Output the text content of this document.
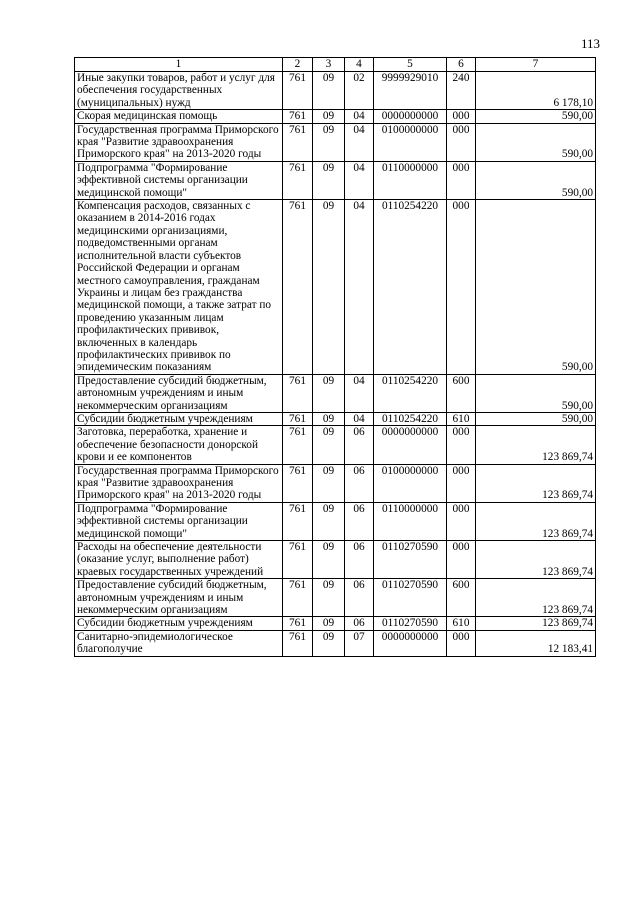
113
1	2	3	4	5	6	7
Иные закупки товаров, работ и услуг для обеспечения государственных (муниципальных) нужд	761	09	02	9999929010	240	6 178,10
Скорая медицинская помощь	761	09	04	0000000000	000	590,00
Государственная программа Приморского края "Развитие здравоохранения Приморского края" на 2013-2020 годы	761	09	04	0100000000	000	590,00
Подпрограмма "Формирование эффективной системы организации медицинской помощи"	761	09	04	0110000000	000	590,00
Компенсация расходов, связанных с оказанием в 2014-2016 годах медицинскими организациями, подведомственными органам исполнительной власти субъектов Российской Федерации и органам местного самоуправления, гражданам Украины и лицам без гражданства медицинской помощи, а также затрат по проведению указанным лицам профилактических прививок, включенных в календарь профилактических прививок по эпидемическим показаниям	761	09	04	0110254220	000	590,00
Предоставление субсидий бюджетным, автономным учреждениям и иным некоммерческим организациям	761	09	04	0110254220	600	590,00
Субсидии бюджетным учреждениям	761	09	04	0110254220	610	590,00
Заготовка, переработка, хранение и обеспечение безопасности донорской крови и ее компонентов	761	09	06	0000000000	000	123 869,74
Государственная программа Приморского края "Развитие здравоохранения Приморского края" на 2013-2020 годы	761	09	06	0100000000	000	123 869,74
Подпрограмма "Формирование эффективной системы организации медицинской помощи"	761	09	06	0110000000	000	123 869,74
Расходы на обеспечение деятельности (оказание услуг, выполнение работ) краевых государственных учреждений	761	09	06	0110270590	000	123 869,74
Предоставление субсидий бюджетным, автономным учреждениям и иным некоммерческим организациям	761	09	06	0110270590	600	123 869,74
Субсидии бюджетным учреждениям	761	09	06	0110270590	610	123 869,74
Санитарно-эпидемиологическое благополучие	761	09	07	0000000000	000	12 183,41
